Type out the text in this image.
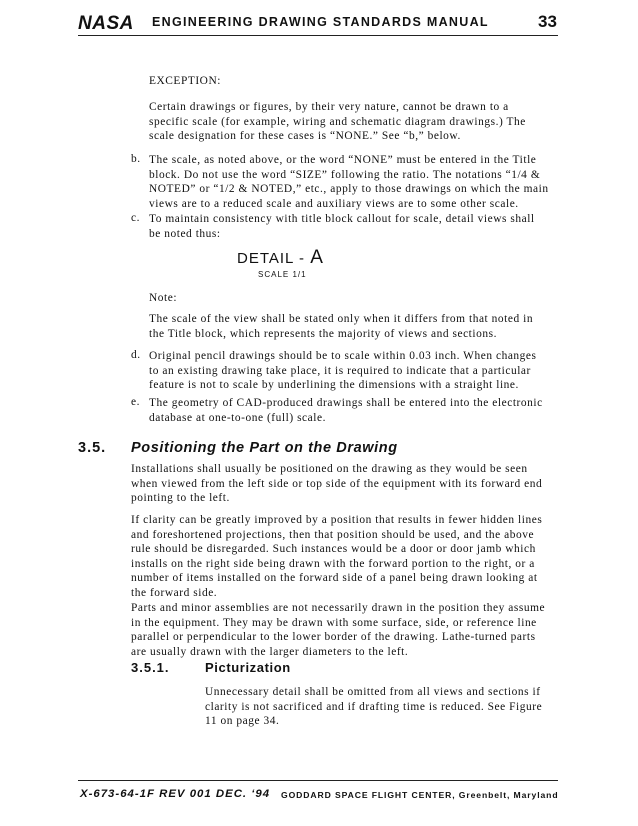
NASA ENGINEERING DRAWING STANDARDS MANUAL	33
EXCEPTION:
Certain drawings or figures, by their very nature, cannot be drawn to a
specific scale (for example, wiring and schematic diagram drawings.) The
scale designation for these cases is “NONE.” See “b,” below.
b. The scale, as noted above, or the word “NONE” must be entered in the Title
block. Do not use the word “SIZE” following the ratio. The notations “1/4 &
NOTED” or “1/2 & NOTED,” etc., apply to those drawings on which the main
views are to a reduced scale and auxiliary views are to some other scale.
c. To maintain consistency with title block callout for scale, detail views shall
be noted thus:
DETAIL - A
SCALE 1/1
Note:
The scale of the view shall be stated only when it differs from that noted in
the Title block, which represents the majority of views and sections.
d. Original pencil drawings should be to scale within 0.03 inch. When changes
to an existing drawing take place, it is required to indicate that a particular
feature is not to scale by underlining the dimensions with a straight line.
e. The geometry of CAD-produced drawings shall be entered into the electronic
database at one-to-one (full) scale.
3.5. Positioning the Part on the Drawing
Installations shall usually be positioned on the drawing as they would be seen
when viewed from the left side or top side of the equipment with its forward end
pointing to the left.
If clarity can be greatly improved by a position that results in fewer hidden lines
and foreshortened projections, then that position should be used, and the above
rule should be disregarded. Such instances would be a door or door jamb which
installs on the right side being drawn with the forward portion to the right, or a
number of items installed on the forward side of a panel being drawn looking at
the forward side.
Parts and minor assemblies are not necessarily drawn in the position they assume
in the equipment. They may be drawn with some surface, side, or reference line
parallel or perpendicular to the lower border of the drawing. Lathe-turned parts
are usually drawn with the larger diameters to the left.
3.5.1.	Picturization
Unnecessary detail shall be omitted from all views and sections if
clarity is not sacrificed and if drafting time is reduced. See Figure
11 on page 34.
X-673-64-1F REV 001 DEC. ‘94 GODDARD SPACE FLIGHT CENTER, Greenbelt, Maryland
